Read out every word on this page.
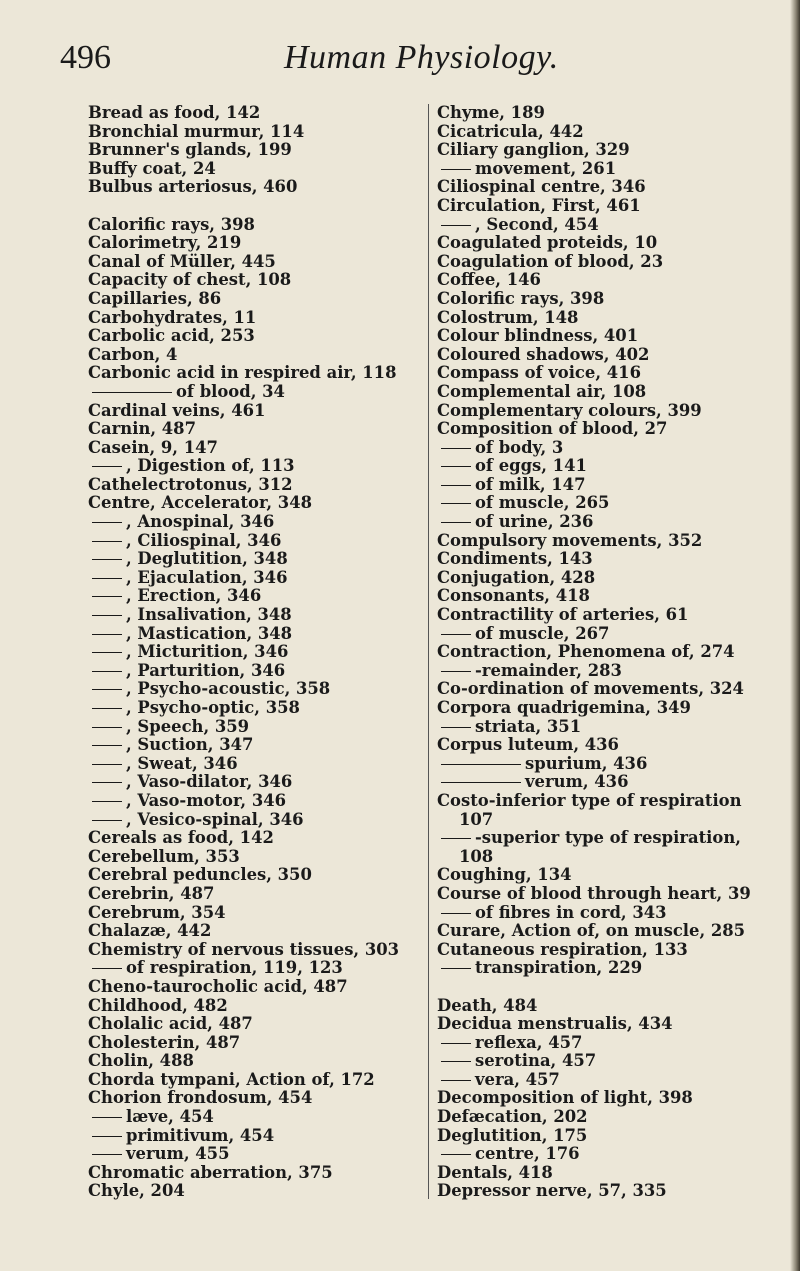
496	Human Physiology.
Bread as food, 142
Bronchial murmur, 114
Brunner's glands, 199
Buffy coat, 24
Bulbus arteriosus, 460
Calorific rays, 398
Calorimetry, 219
Canal of Müller, 445
Capacity of chest, 108
Capillaries, 86
Carbohydrates, 11
Carbolic acid, 253
Carbon, 4
Carbonic acid in respired air, 118
of blood, 34
Cardinal veins, 461
Carnin, 487
Casein, 9, 147
, Digestion of, 113
Cathelectrotonus, 312
Centre, Accelerator, 348
, Anospinal, 346
, Ciliospinal, 346
, Deglutition, 348
, Ejaculation, 346
, Erection, 346
, Insalivation, 348
, Mastication, 348
, Micturition, 346
, Parturition, 346
, Psycho-acoustic, 358
, Psycho-optic, 358
, Speech, 359
, Suction, 347
, Sweat, 346
, Vaso-dilator, 346
, Vaso-motor, 346
, Vesico-spinal, 346
Cereals as food, 142
Cerebellum, 353
Cerebral peduncles, 350
Cerebrin, 487
Cerebrum, 354
Chalazæ, 442
Chemistry of nervous tissues, 303
of respiration, 119, 123
Cheno-taurocholic acid, 487
Childhood, 482
Cholalic acid, 487
Cholesterin, 487
Cholin, 488
Chorda tympani, Action of, 172
Chorion frondosum, 454
læve, 454
primitivum, 454
verum, 455
Chromatic aberration, 375
Chyle, 204
Chyme, 189
Cicatricula, 442
Ciliary ganglion, 329
movement, 261
Ciliospinal centre, 346
Circulation, First, 461
, Second, 454
Coagulated proteids, 10
Coagulation of blood, 23
Coffee, 146
Colorific rays, 398
Colostrum, 148
Colour blindness, 401
Coloured shadows, 402
Compass of voice, 416
Complemental air, 108
Complementary colours, 399
Composition of blood, 27
of body, 3
of eggs, 141
of milk, 147
of muscle, 265
of urine, 236
Compulsory movements, 352
Condiments, 143
Conjugation, 428
Consonants, 418
Contractility of arteries, 61
of muscle, 267
Contraction, Phenomena of, 274
-remainder, 283
Co-ordination of movements, 324
Corpora quadrigemina, 349
striata, 351
Corpus luteum, 436
spurium, 436
verum, 436
Costo-inferior type of respiration
107
-superior type of respiration,
108
Coughing, 134
Course of blood through heart, 39
of fibres in cord, 343
Curare, Action of, on muscle, 285
Cutaneous respiration, 133
transpiration, 229
Death, 484
Decidua menstrualis, 434
reflexa, 457
serotina, 457
vera, 457
Decomposition of light, 398
Defæcation, 202
Deglutition, 175
centre, 176
Dentals, 418
Depressor nerve, 57, 335
